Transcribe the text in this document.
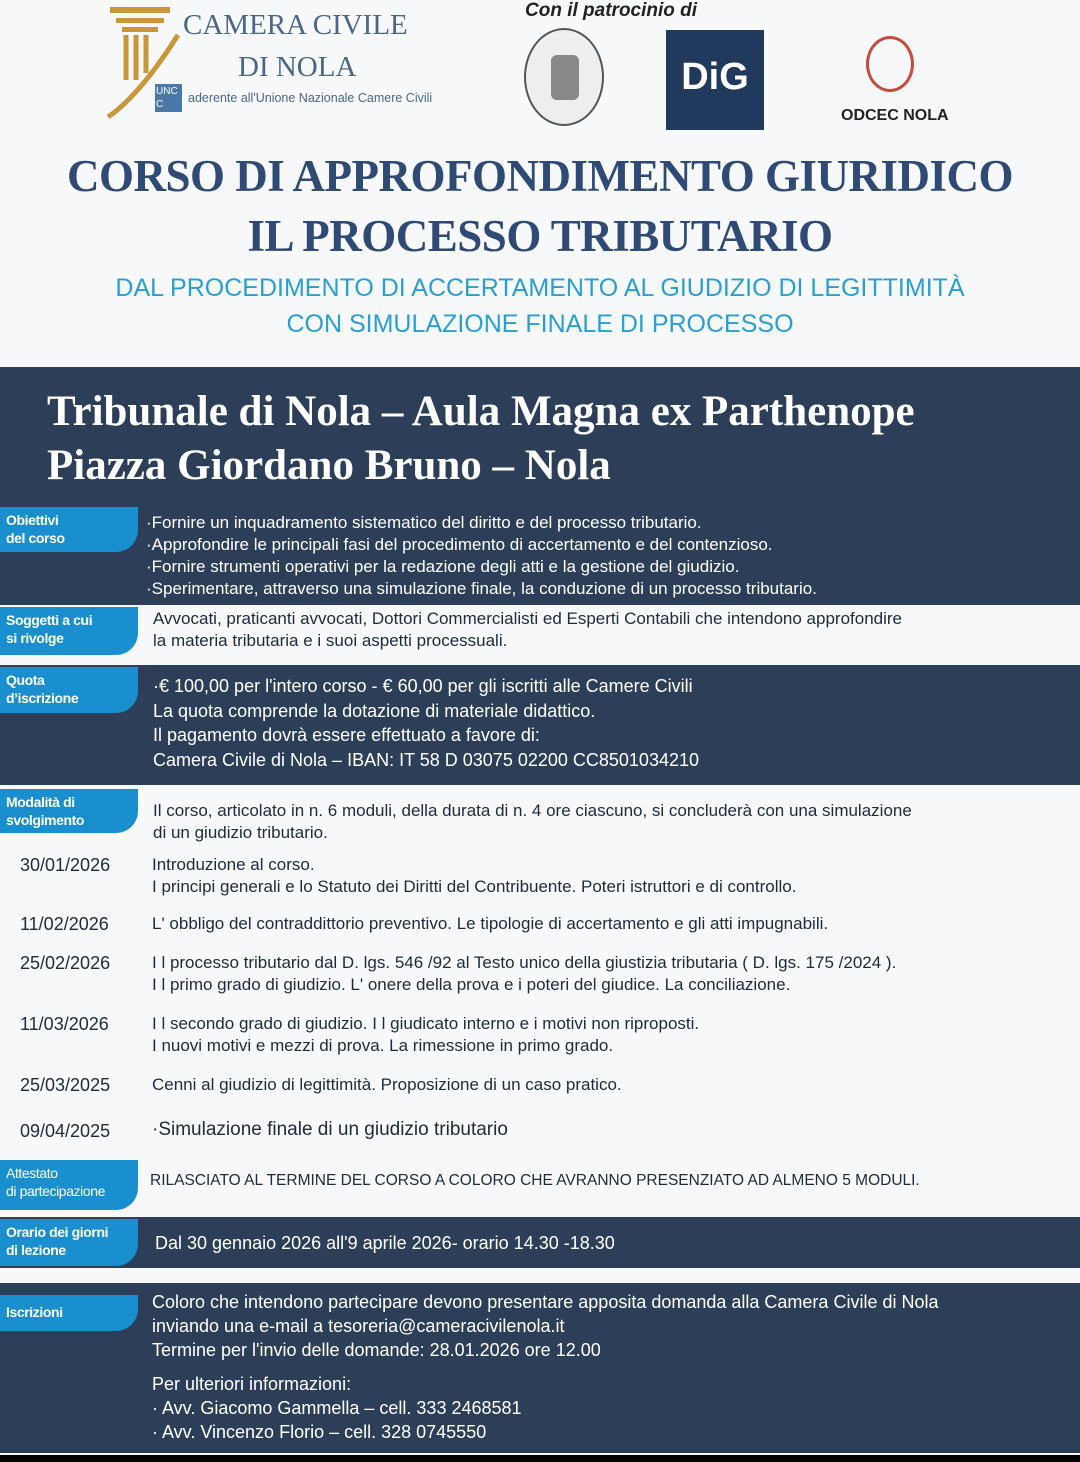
CAMERA CIVILE
DI NOLA
UNCC	aderente all'Unione Nazionale Camere Civili
Con il patrocinio di
DiG
ODCEC NOLA
CORSO DI APPROFONDIMENTO GIURIDICO
IL PROCESSO TRIBUTARIO
DAL PROCEDIMENTO DI ACCERTAMENTO AL GIUDIZIO DI LEGITTIMITÀ
CON SIMULAZIONE FINALE DI PROCESSO
Tribunale di Nola – Aula Magna ex Parthenope
Piazza Giordano Bruno – Nola
Obiettivi
del corso
·Fornire un inquadramento sistematico del diritto e del processo tributario.
·Approfondire le principali fasi del procedimento di accertamento e del contenzioso.
·Fornire strumenti operativi per la redazione degli atti e la gestione del giudizio.
·Sperimentare, attraverso una simulazione finale, la conduzione di un processo tributario.
Soggetti a cui
si rivolge
Avvocati, praticanti avvocati, Dottori Commercialisti ed Esperti Contabili che intendono approfondire
la materia tributaria e i suoi aspetti processuali.
Quota
d’iscrizione
·€ 100,00 per l'intero corso - € 60,00 per gli iscritti alle Camere Civili
La quota comprende la dotazione di materiale didattico.
Il pagamento dovrà essere effettuato a favore di:
Camera Civile di Nola – IBAN: IT 58 D 03075 02200 CC8501034210
Modalità di
svolgimento	Il corso, articolato in n. 6 moduli, della durata di n. 4 ore ciascuno, si concluderà con una simulazione
di un giudizio tributario.
30/01/2026 Introduzione al corso.
I principi generali e lo Statuto dei Diritti del Contribuente. Poteri istruttori e di controllo.
11/02/2026	L' obbligo del contraddittorio preventivo. Le tipologie di accertamento e gli atti impugnabili.
25/02/2026 I l processo tributario dal D. lgs. 546 /92 al Testo unico della giustizia tributaria ( D. lgs. 175 /2024 ).
I l primo grado di giudizio. L' onere della prova e i poteri del giudice. La conciliazione.
11/03/2026	I l secondo grado di giudizio. I l giudicato interno e i motivi non riproposti.
I nuovi motivi e mezzi di prova. La rimessione in primo grado.
25/03/2025 Cenni al giudizio di legittimità. Proposizione di un caso pratico.
09/04/2025 ·Simulazione finale di un giudizio tributario
Attestato
di partecipazione
RILASCIATO AL TERMINE DEL CORSO A COLORO CHE AVRANNO PRESENZIATO AD ALMENO 5 MODULI.
Orario dei giorni
di lezione	Dal 30 gennaio 2026 all'9 aprile 2026- orario 14.30 -18.30
Iscrizioni	Coloro che intendono partecipare devono presentare apposita domanda alla Camera Civile di Nola
inviando una e-mail a tesoreria@cameracivilenola.it
Termine per l'invio delle domande: 28.01.2026 ore 12.00
Per ulteriori informazioni:
· Avv. Giacomo Gammella – cell. 333 2468581
· Avv. Vincenzo Florio – cell. 328 0745550
